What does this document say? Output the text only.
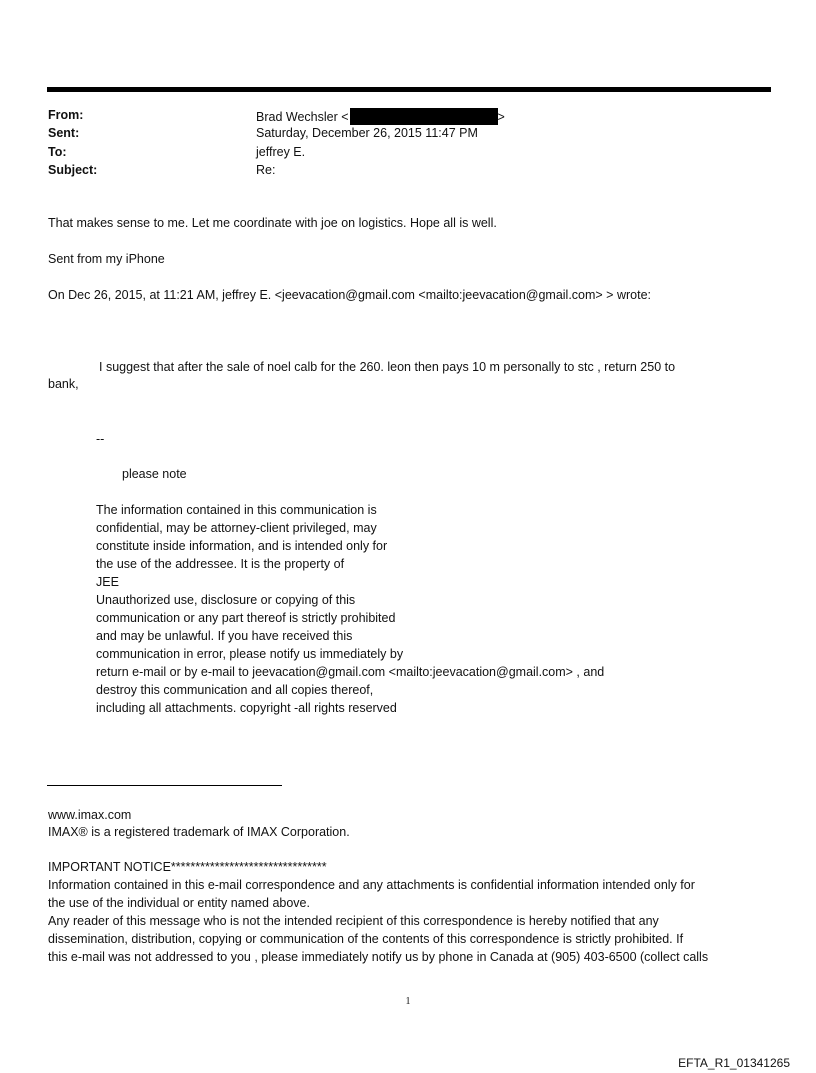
From:	Brad Wechsler <	>
Sent:	Saturday, December 26, 2015 11:47 PM
To:	jeffrey E.
Subject:	Re:
That makes sense to me. Let me coordinate with joe on logistics. Hope all is well.
Sent from my iPhone
On Dec 26, 2015, at 11:21 AM, jeffrey E. <jeevacation@gmail.com <mailto:jeevacation@gmail.com> > wrote:
I suggest that after the sale of noel calb for the 260. leon then pays 10 m personally to stc , return 250 to
bank,
--
please note
The information contained in this communication is
confidential, may be attorney-client privileged, may
constitute inside information, and is intended only for
the use of the addressee. It is the property of
JEE
Unauthorized use, disclosure or copying of this
communication or any part thereof is strictly prohibited
and may be unlawful. If you have received this
communication in error, please notify us immediately by
return e-mail or by e-mail to jeevacation@gmail.com <mailto:jeevacation@gmail.com> , and
destroy this communication and all copies thereof,
including all attachments. copyright -all rights reserved
www.imax.com
IMAX® is a registered trademark of IMAX Corporation.
IMPORTANT NOTICE********************************
Information contained in this e-mail correspondence and any attachments is confidential information intended only for
the use of the individual or entity named above.
Any reader of this message who is not the intended recipient of this correspondence is hereby notified that any
dissemination, distribution, copying or communication of the contents of this correspondence is strictly prohibited. If
this e-mail was not addressed to you , please immediately notify us by phone in Canada at (905) 403-6500 (collect calls
1
EFTA_R1_01341265
